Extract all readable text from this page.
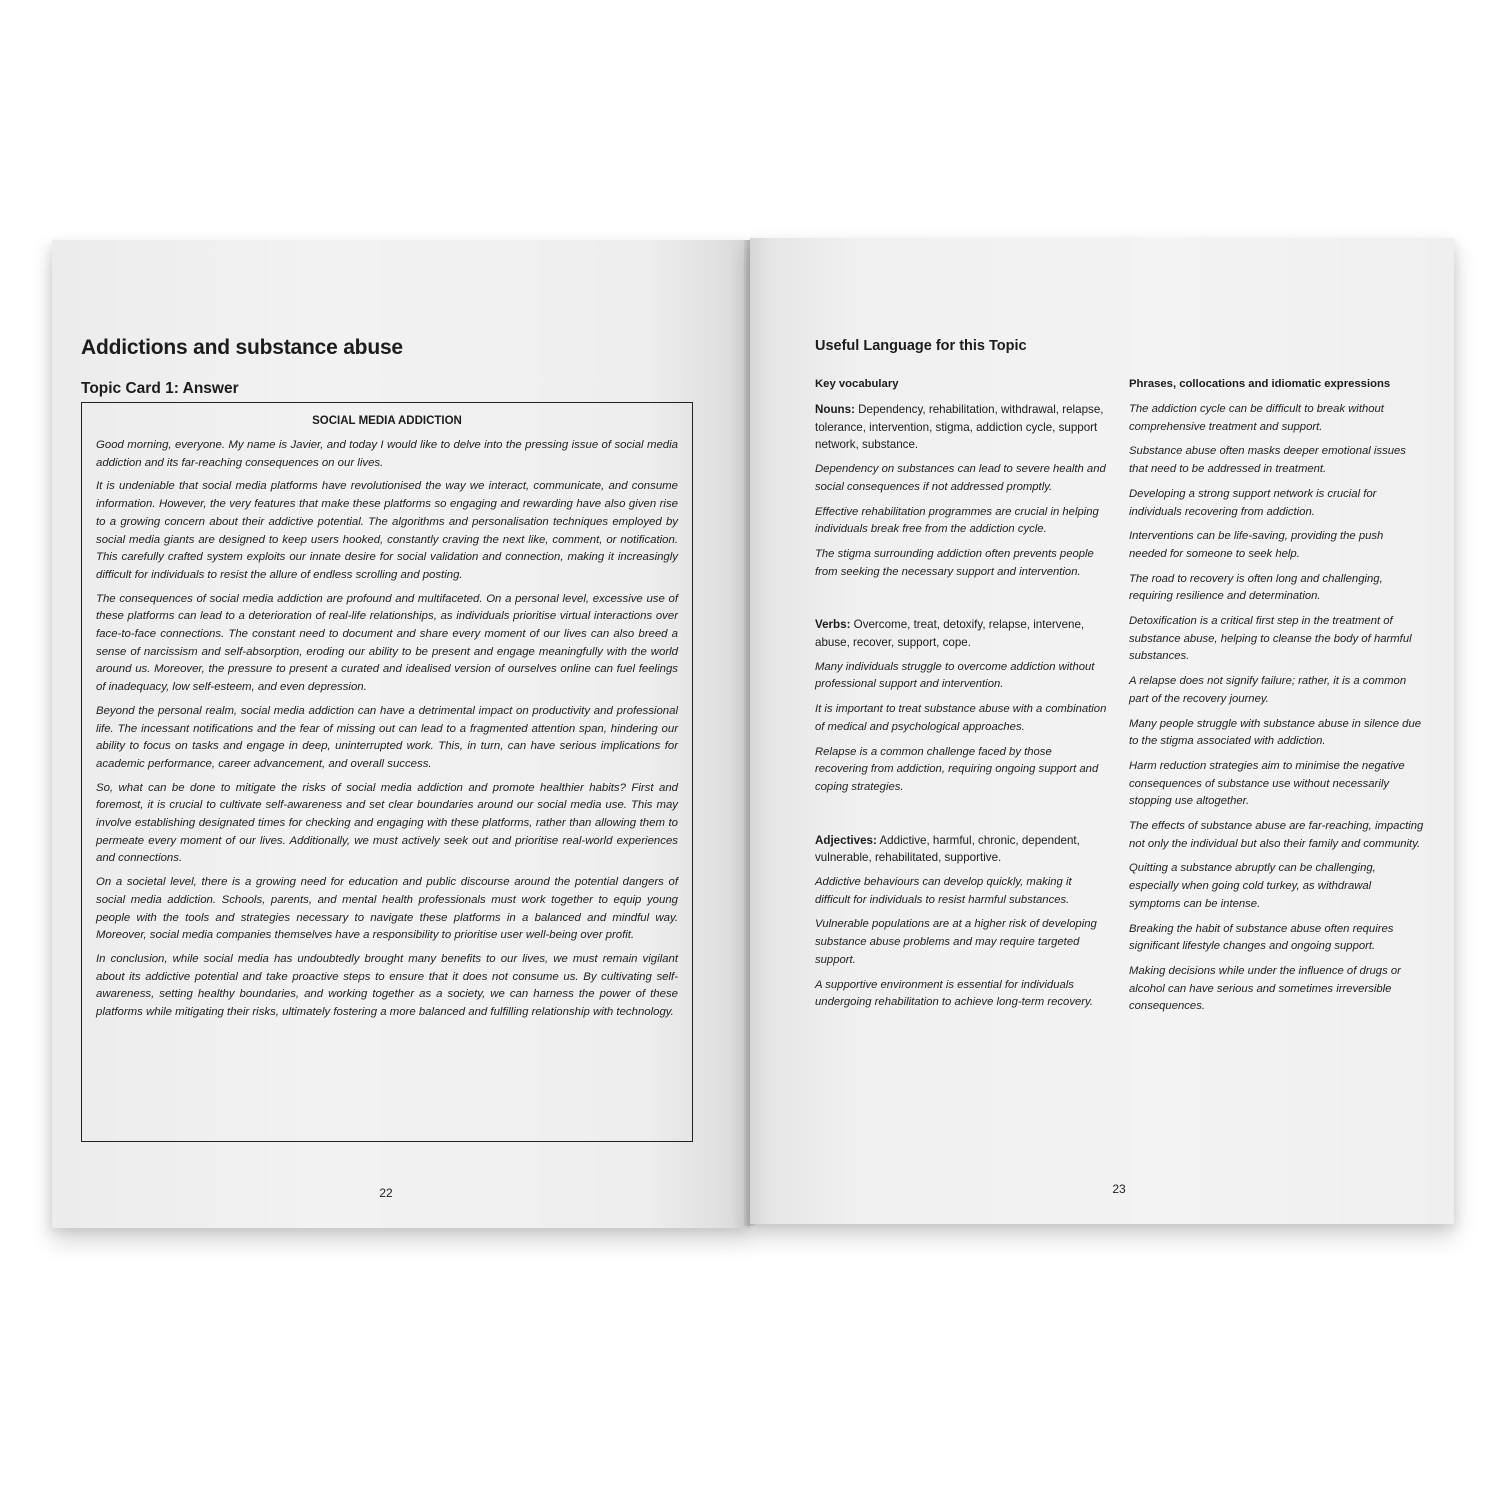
Addictions and substance abuse
Topic Card 1: Answer
SOCIAL MEDIA ADDICTION

Good morning, everyone. My name is Javier, and today I would like to delve into the pressing issue of social media addiction and its far-reaching consequences on our lives.

It is undeniable that social media platforms have revolutionised the way we interact, communicate, and consume information. However, the very features that make these platforms so engaging and rewarding have also given rise to a growing concern about their addictive potential. The algorithms and personalisation techniques employed by social media giants are designed to keep users hooked, constantly craving the next like, comment, or notification. This carefully crafted system exploits our innate desire for social validation and connection, making it increasingly difficult for individuals to resist the allure of endless scrolling and posting.

The consequences of social media addiction are profound and multifaceted. On a personal level, excessive use of these platforms can lead to a deterioration of real-life relationships, as individuals prioritise virtual interactions over face-to-face connections. The constant need to document and share every moment of our lives can also breed a sense of narcissism and self-absorption, eroding our ability to be present and engage meaningfully with the world around us. Moreover, the pressure to present a curated and idealised version of ourselves online can fuel feelings of inadequacy, low self-esteem, and even depression.

Beyond the personal realm, social media addiction can have a detrimental impact on productivity and professional life. The incessant notifications and the fear of missing out can lead to a fragmented attention span, hindering our ability to focus on tasks and engage in deep, uninterrupted work. This, in turn, can have serious implications for academic performance, career advancement, and overall success.

So, what can be done to mitigate the risks of social media addiction and promote healthier habits? First and foremost, it is crucial to cultivate self-awareness and set clear boundaries around our social media use. This may involve establishing designated times for checking and engaging with these platforms, rather than allowing them to permeate every moment of our lives. Additionally, we must actively seek out and prioritise real-world experiences and connections.

On a societal level, there is a growing need for education and public discourse around the potential dangers of social media addiction. Schools, parents, and mental health professionals must work together to equip young people with the tools and strategies necessary to navigate these platforms in a balanced and mindful way. Moreover, social media companies themselves have a responsibility to prioritise user well-being over profit.

In conclusion, while social media has undoubtedly brought many benefits to our lives, we must remain vigilant about its addictive potential and take proactive steps to ensure that it does not consume us. By cultivating self-awareness, setting healthy boundaries, and working together as a society, we can harness the power of these platforms while mitigating their risks, ultimately fostering a more balanced and fulfilling relationship with technology.

22
Useful Language for this Topic
Key vocabulary
Nouns: Dependency, rehabilitation, withdrawal, relapse, tolerance, intervention, stigma, addiction cycle, support network, substance.
Dependency on substances can lead to severe health and social consequences if not addressed promptly.
Effective rehabilitation programmes are crucial in helping individuals break free from the addiction cycle.
The stigma surrounding addiction often prevents people from seeking the necessary support and intervention.
Verbs: Overcome, treat, detoxify, relapse, intervene, abuse, recover, support, cope.
Many individuals struggle to overcome addiction without professional support and intervention.
It is important to treat substance abuse with a combination of medical and psychological approaches.
Relapse is a common challenge faced by those recovering from addiction, requiring ongoing support and coping strategies.
Adjectives: Addictive, harmful, chronic, dependent, vulnerable, rehabilitated, supportive.
Addictive behaviours can develop quickly, making it difficult for individuals to resist harmful substances.
Vulnerable populations are at a higher risk of developing substance abuse problems and may require targeted support.
A supportive environment is essential for individuals undergoing rehabilitation to achieve long-term recovery.
Phrases, collocations and idiomatic expressions
The addiction cycle can be difficult to break without comprehensive treatment and support.
Substance abuse often masks deeper emotional issues that need to be addressed in treatment.
Developing a strong support network is crucial for individuals recovering from addiction.
Interventions can be life-saving, providing the push needed for someone to seek help.
The road to recovery is often long and challenging, requiring resilience and determination.
Detoxification is a critical first step in the treatment of substance abuse, helping to cleanse the body of harmful substances.
A relapse does not signify failure; rather, it is a common part of the recovery journey.
Many people struggle with substance abuse in silence due to the stigma associated with addiction.
Harm reduction strategies aim to minimise the negative consequences of substance use without necessarily stopping use altogether.
The effects of substance abuse are far-reaching, impacting not only the individual but also their family and community.
Quitting a substance abruptly can be challenging, especially when going cold turkey, as withdrawal symptoms can be intense.
Breaking the habit of substance abuse often requires significant lifestyle changes and ongoing support.
Making decisions while under the influence of drugs or alcohol can have serious and sometimes irreversible consequences.
23
